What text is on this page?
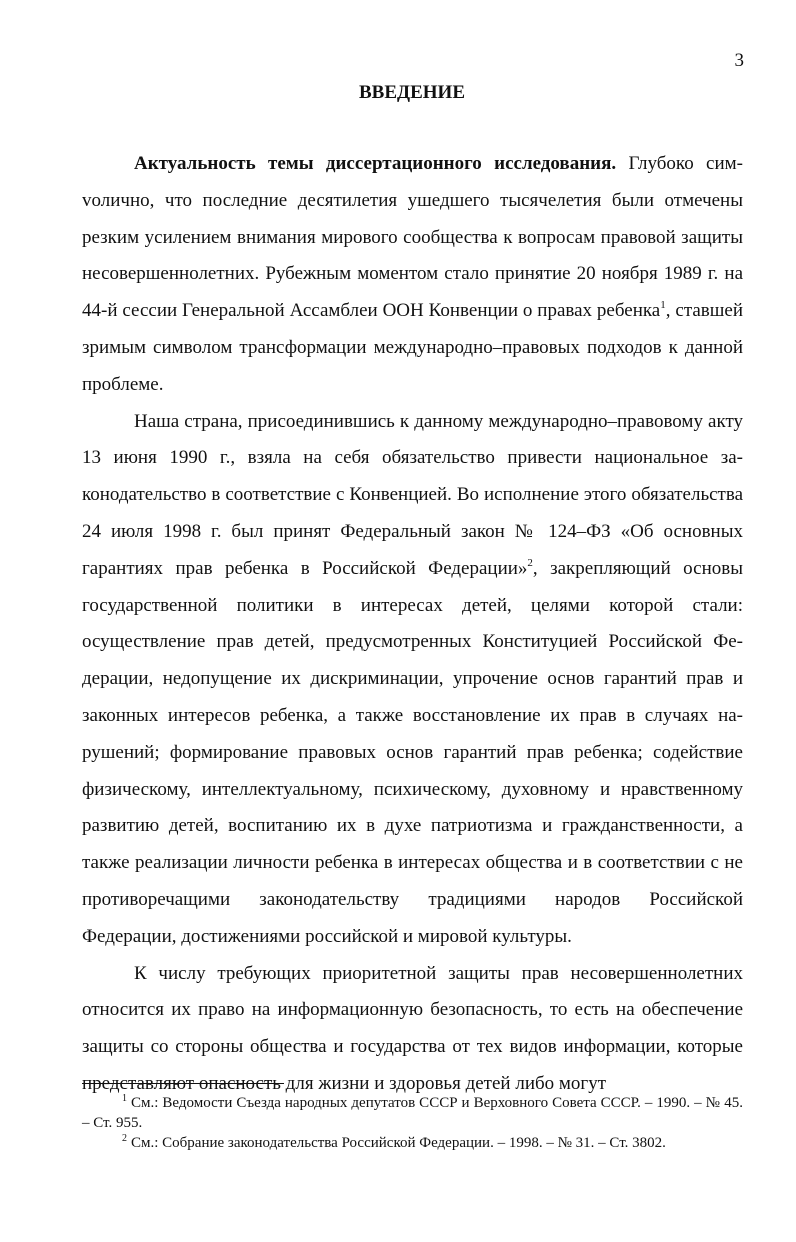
3
ВВЕДЕНИЕ

Актуальность темы диссертационного исследования. Глубоко симvолично, что последние десятилетия ушедшего тысячелетия были отмечены резким усилением внимания мирового сообщества к вопросам правовой защиты несовершеннолетних. Рубежным моментом стало принятие 20 ноября 1989 г. на 44-й сессии Генеральной Ассамблеи ООН Конвенции о правах ребенка$^1$, ставшей зримым символом трансформации международно–правовых подходов к данной проблеме.

Наша страна, присоединившись к данному международно–правовому акту 13 июня 1990 г., взяла на себя обязательство привести национальное законодательство в соответствие с Конвенцией. Во исполнение этого обязательства 24 июля 1998 г. был принят Федеральный закон № 124–ФЗ «Об основных гарантиях прав ребенка в Российской Федерации»$^2$, закрепляющий основы государственной политики в интересах детей, целями которой стали: осуществление прав детей, предусмотренных Конституцией Российской Федерации, недопущение их дискриминации, упрочение основ гарантий прав и законных интересов ребенка, а также восстановление их прав в случаях нарушений; формирование правовых основ гарантий прав ребенка; содействие физическому, интеллектуальному, психическому, духовному и нравственному развитию детей, воспитанию их в духе патриотизма и гражданственности, а также реализации личности ребенка в интересах общества и в соответствии с не противоречащими законодательству традициями народов Российской Федерации, достижениями российской и мировой культуры.

К числу требующих приоритетной защиты прав несовершеннолетних относится их право на информационную безопасность, то есть на обеспечение защиты со стороны общества и государства от тех видов информации, которые представляют опасность для жизни и здоровья детей либо могут

$^1$ См.: Ведомости Съезда народных депутатов СССР и Верховного Совета СССР. – 1990. – № 45. – Ст. 955.

$^2$ См.: Собрание законодательства Российской Федерации. – 1998. – № 31. – Ст. 3802.
